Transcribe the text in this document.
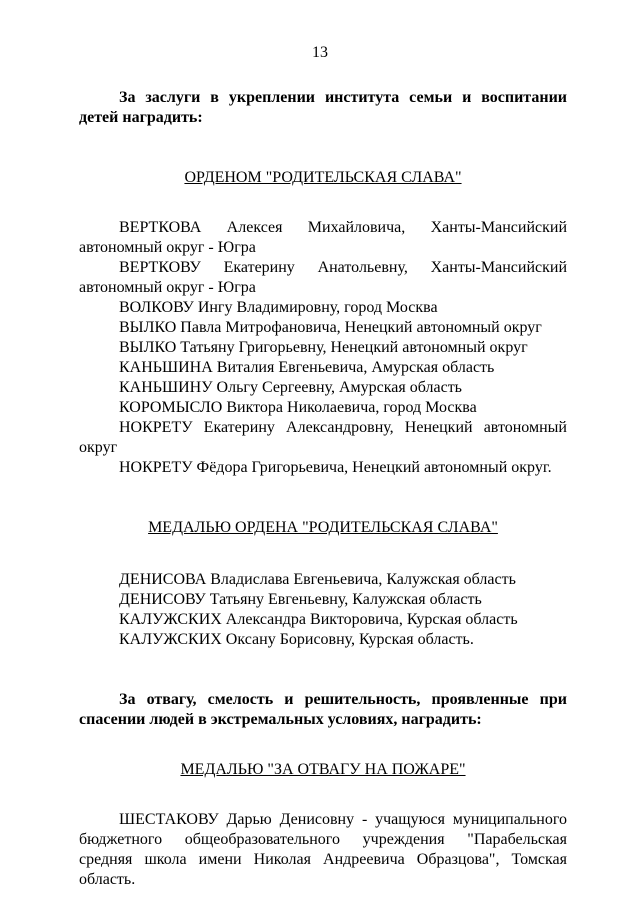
13

За заслуги в укреплении института семьи и воспитании детей наградить:

ОРДЕНОМ "РОДИТЕЛЬСКАЯ СЛАВА"

ВЕРТКОВА Алексея Михайловича, Ханты-Мансийский автономный округ - Югра

ВЕРТКОВУ Екатерину Анатольевну, Ханты-Мансийский автономный округ - Югра

ВОЛКОВУ Ингу Владимировну, город Москва

ВЫЛКО Павла Митрофановича, Ненецкий автономный округ

ВЫЛКО Татьяну Григорьевну, Ненецкий автономный округ

КАНЬШИНА Виталия Евгеньевича, Амурская область

КАНЬШИНУ Ольгу Сергеевну, Амурская область

КОРОМЫСЛО Виктора Николаевича, город Москва

НОКРЕТУ Екатерину Александровну, Ненецкий автономный округ

НОКРЕТУ Фёдора Григорьевича, Ненецкий автономный округ.

МЕДАЛЬЮ ОРДЕНА "РОДИТЕЛЬСКАЯ СЛАВА"

ДЕНИСОВА Владислава Евгеньевича, Калужская область

ДЕНИСОВУ Татьяну Евгеньевну, Калужская область

КАЛУЖСКИХ Александра Викторовича, Курская область

КАЛУЖСКИХ Оксану Борисовну, Курская область.

За отвагу, смелость и решительность, проявленные при спасении людей в экстремальных условиях, наградить:

МЕДАЛЬЮ "ЗА ОТВАГУ НА ПОЖАРЕ"

ШЕСТАКОВУ Дарью Денисовну - учащуюся муниципального бюджетного общеобразовательного учреждения "Парабельская средняя школа имени Николая Андреевича Образцова", Томская область.
